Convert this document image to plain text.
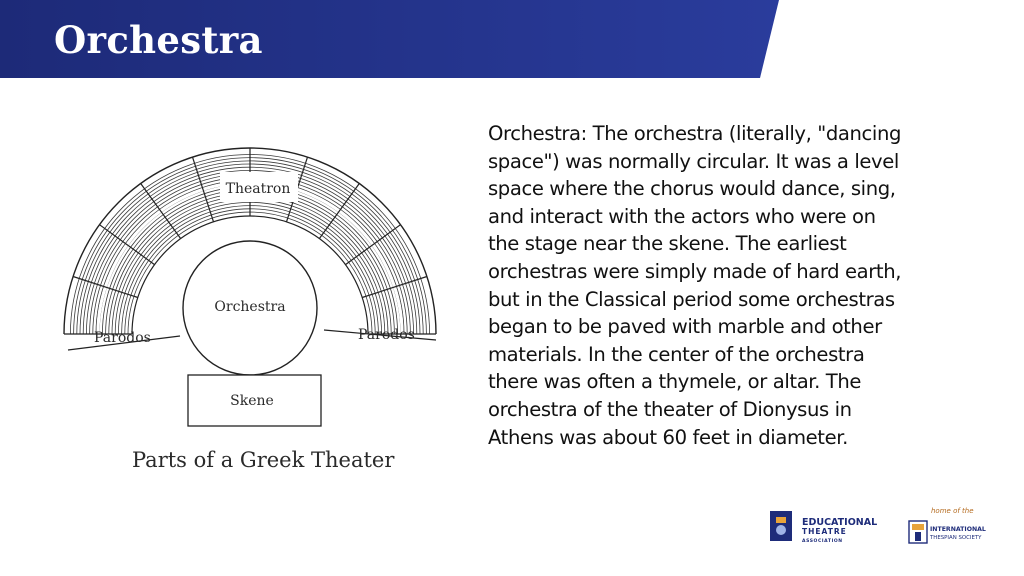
Orchestra
Theatron
Orchestra
Parodos	Parodos
Skene
Parts of a Greek Theater

Orchestra: The orchestra (literally, "dancing space") was normally circular. It was a level space where the chorus would dance, sing, and interact with the actors who were on the stage near the skene. The earliest orchestras were simply made of hard earth, but in the Classical period some orchestras began to be paved with marble and other materials. In the center of the orchestra there was often a thymele, or altar. The orchestra of the theater of Dionysus in Athens was about 60 feet in diameter.

EDUCATIONAL
THEATRE
ASSOCIATION
home of the
INTERNATIONAL
THESPIAN SOCIETY
